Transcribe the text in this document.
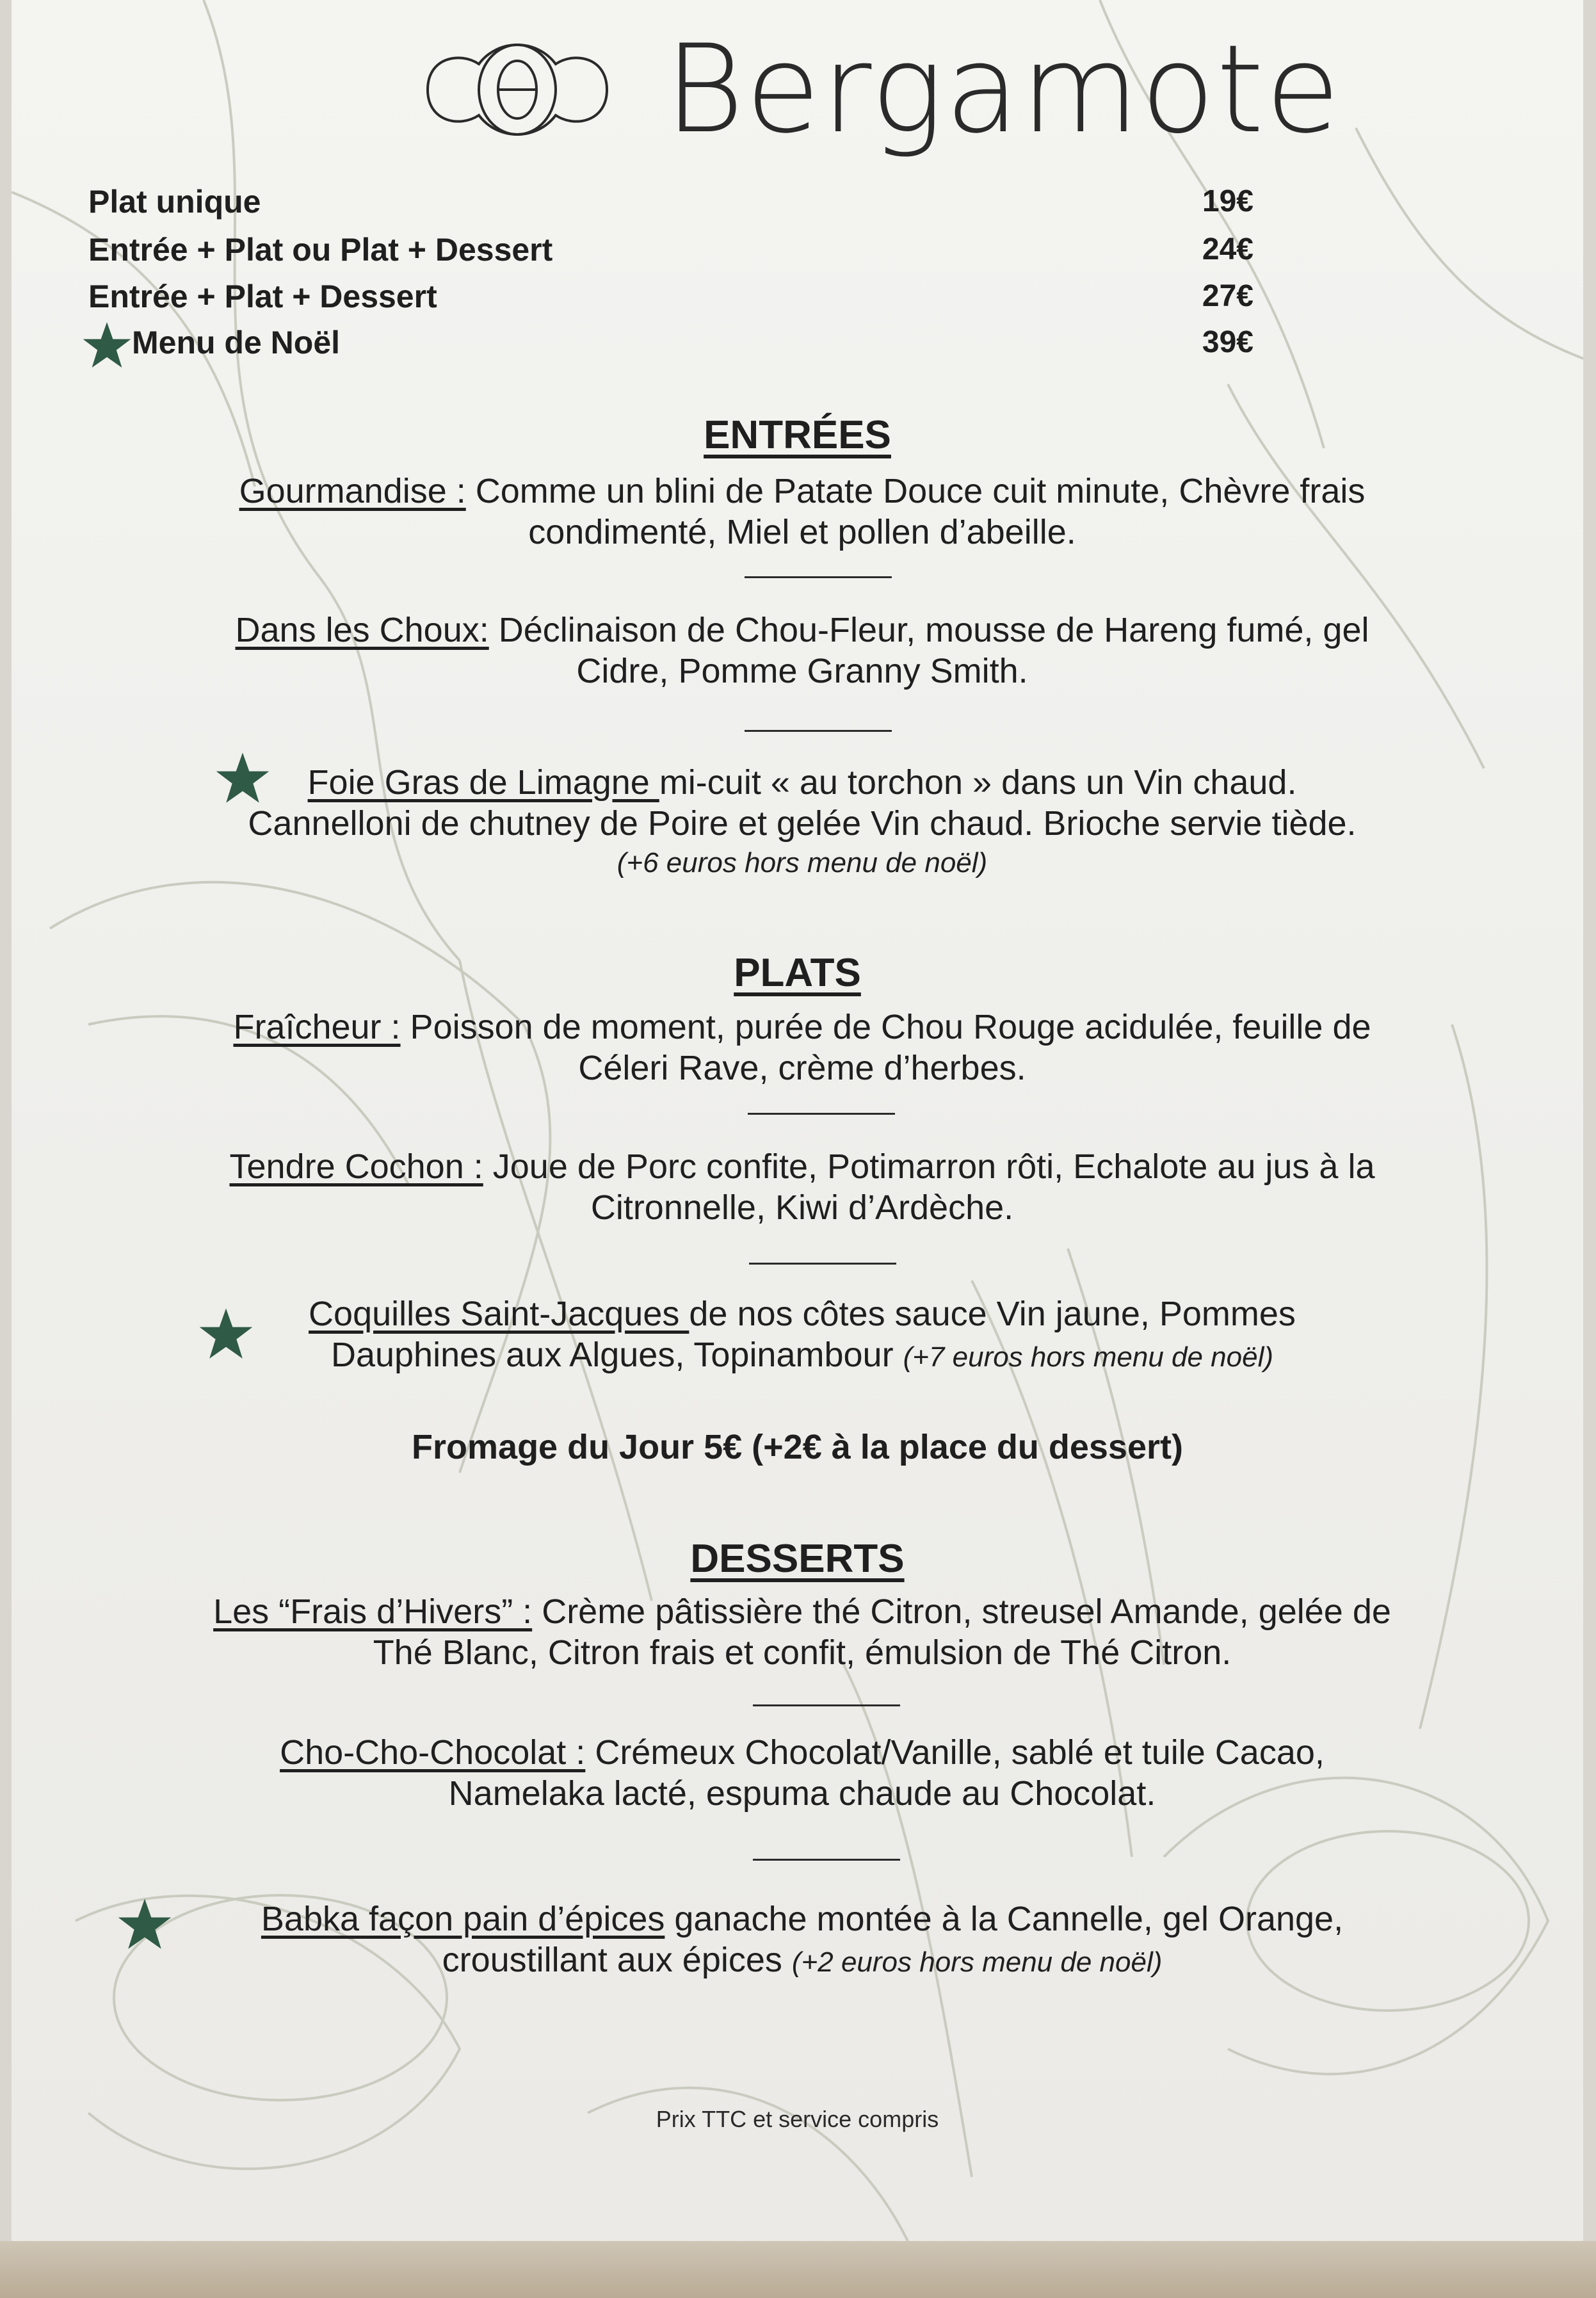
Bergamote
Plat unique	19€
Entrée + Plat ou Plat + Dessert	24€
Entrée + Plat + Dessert	27€
Menu de Noël	39€
ENTRÉES
Gourmandise : Comme un blini de Patate Douce cuit minute, Chèvre frais
condimenté, Miel et pollen d’abeille.
Dans les Choux: Déclinaison de Chou-Fleur, mousse de Hareng fumé, gel
Cidre, Pomme Granny Smith.
Foie Gras de Limagne mi-cuit « au torchon » dans un Vin chaud.
Cannelloni de chutney de Poire et gelée Vin chaud. Brioche servie tiède.
(+6 euros hors menu de noël)
PLATS
Fraîcheur : Poisson de moment, purée de Chou Rouge acidulée, feuille de
Céleri Rave, crème d’herbes.
Tendre Cochon : Joue de Porc confite, Potimarron rôti, Echalote au jus à la
Citronnelle, Kiwi d’Ardèche.
Coquilles Saint-Jacques de nos côtes sauce Vin jaune, Pommes
Dauphines aux Algues, Topinambour (+7 euros hors menu de noël)
Fromage du Jour 5€ (+2€ à la place du dessert)
DESSERTS
Les “Frais d’Hivers” : Crème pâtissière thé Citron, streusel Amande, gelée de
Thé Blanc, Citron frais et confit, émulsion de Thé Citron.
Cho-Cho-Chocolat : Crémeux Chocolat/Vanille, sablé et tuile Cacao,
Namelaka lacté, espuma chaude au Chocolat.
Babka façon pain d’épices ganache montée à la Cannelle, gel Orange,
croustillant aux épices (+2 euros hors menu de noël)
Prix TTC et service compris
